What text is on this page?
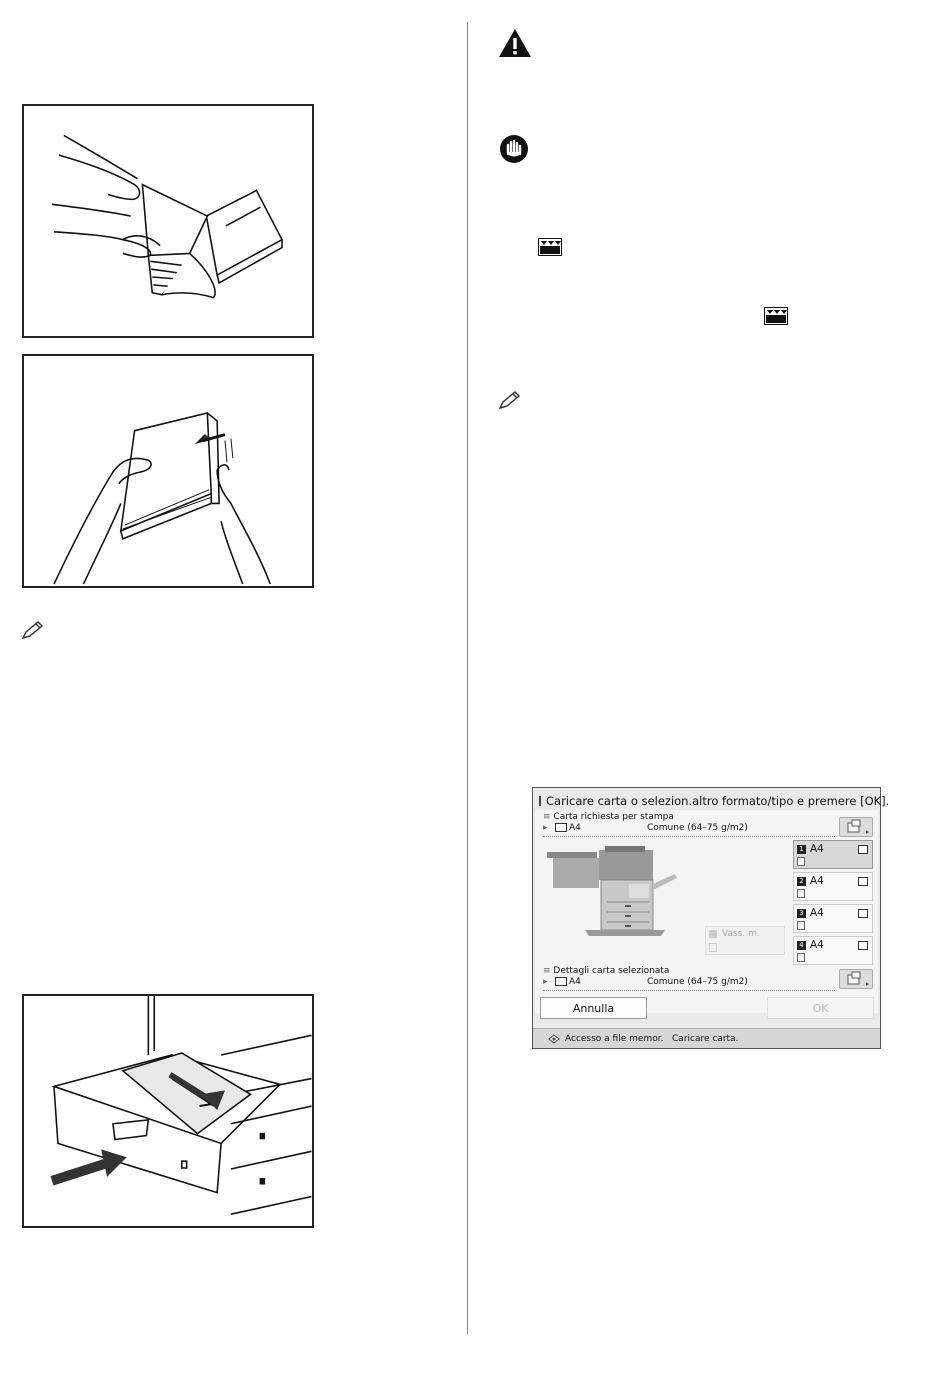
Caricare carta o selezion.altro formato/tipo e premere [OK].
≡ Carta richiesta per stampa
▸	A4	Comune (64–75 g/m2)
Vass. m.
1 A4
2 A4
3 A4
4 A4
≡ Dettagli carta selezionata
▸	A4	Comune (64–75 g/m2)
Annulla	OK
Accesso a file memor.   Caricare carta.
